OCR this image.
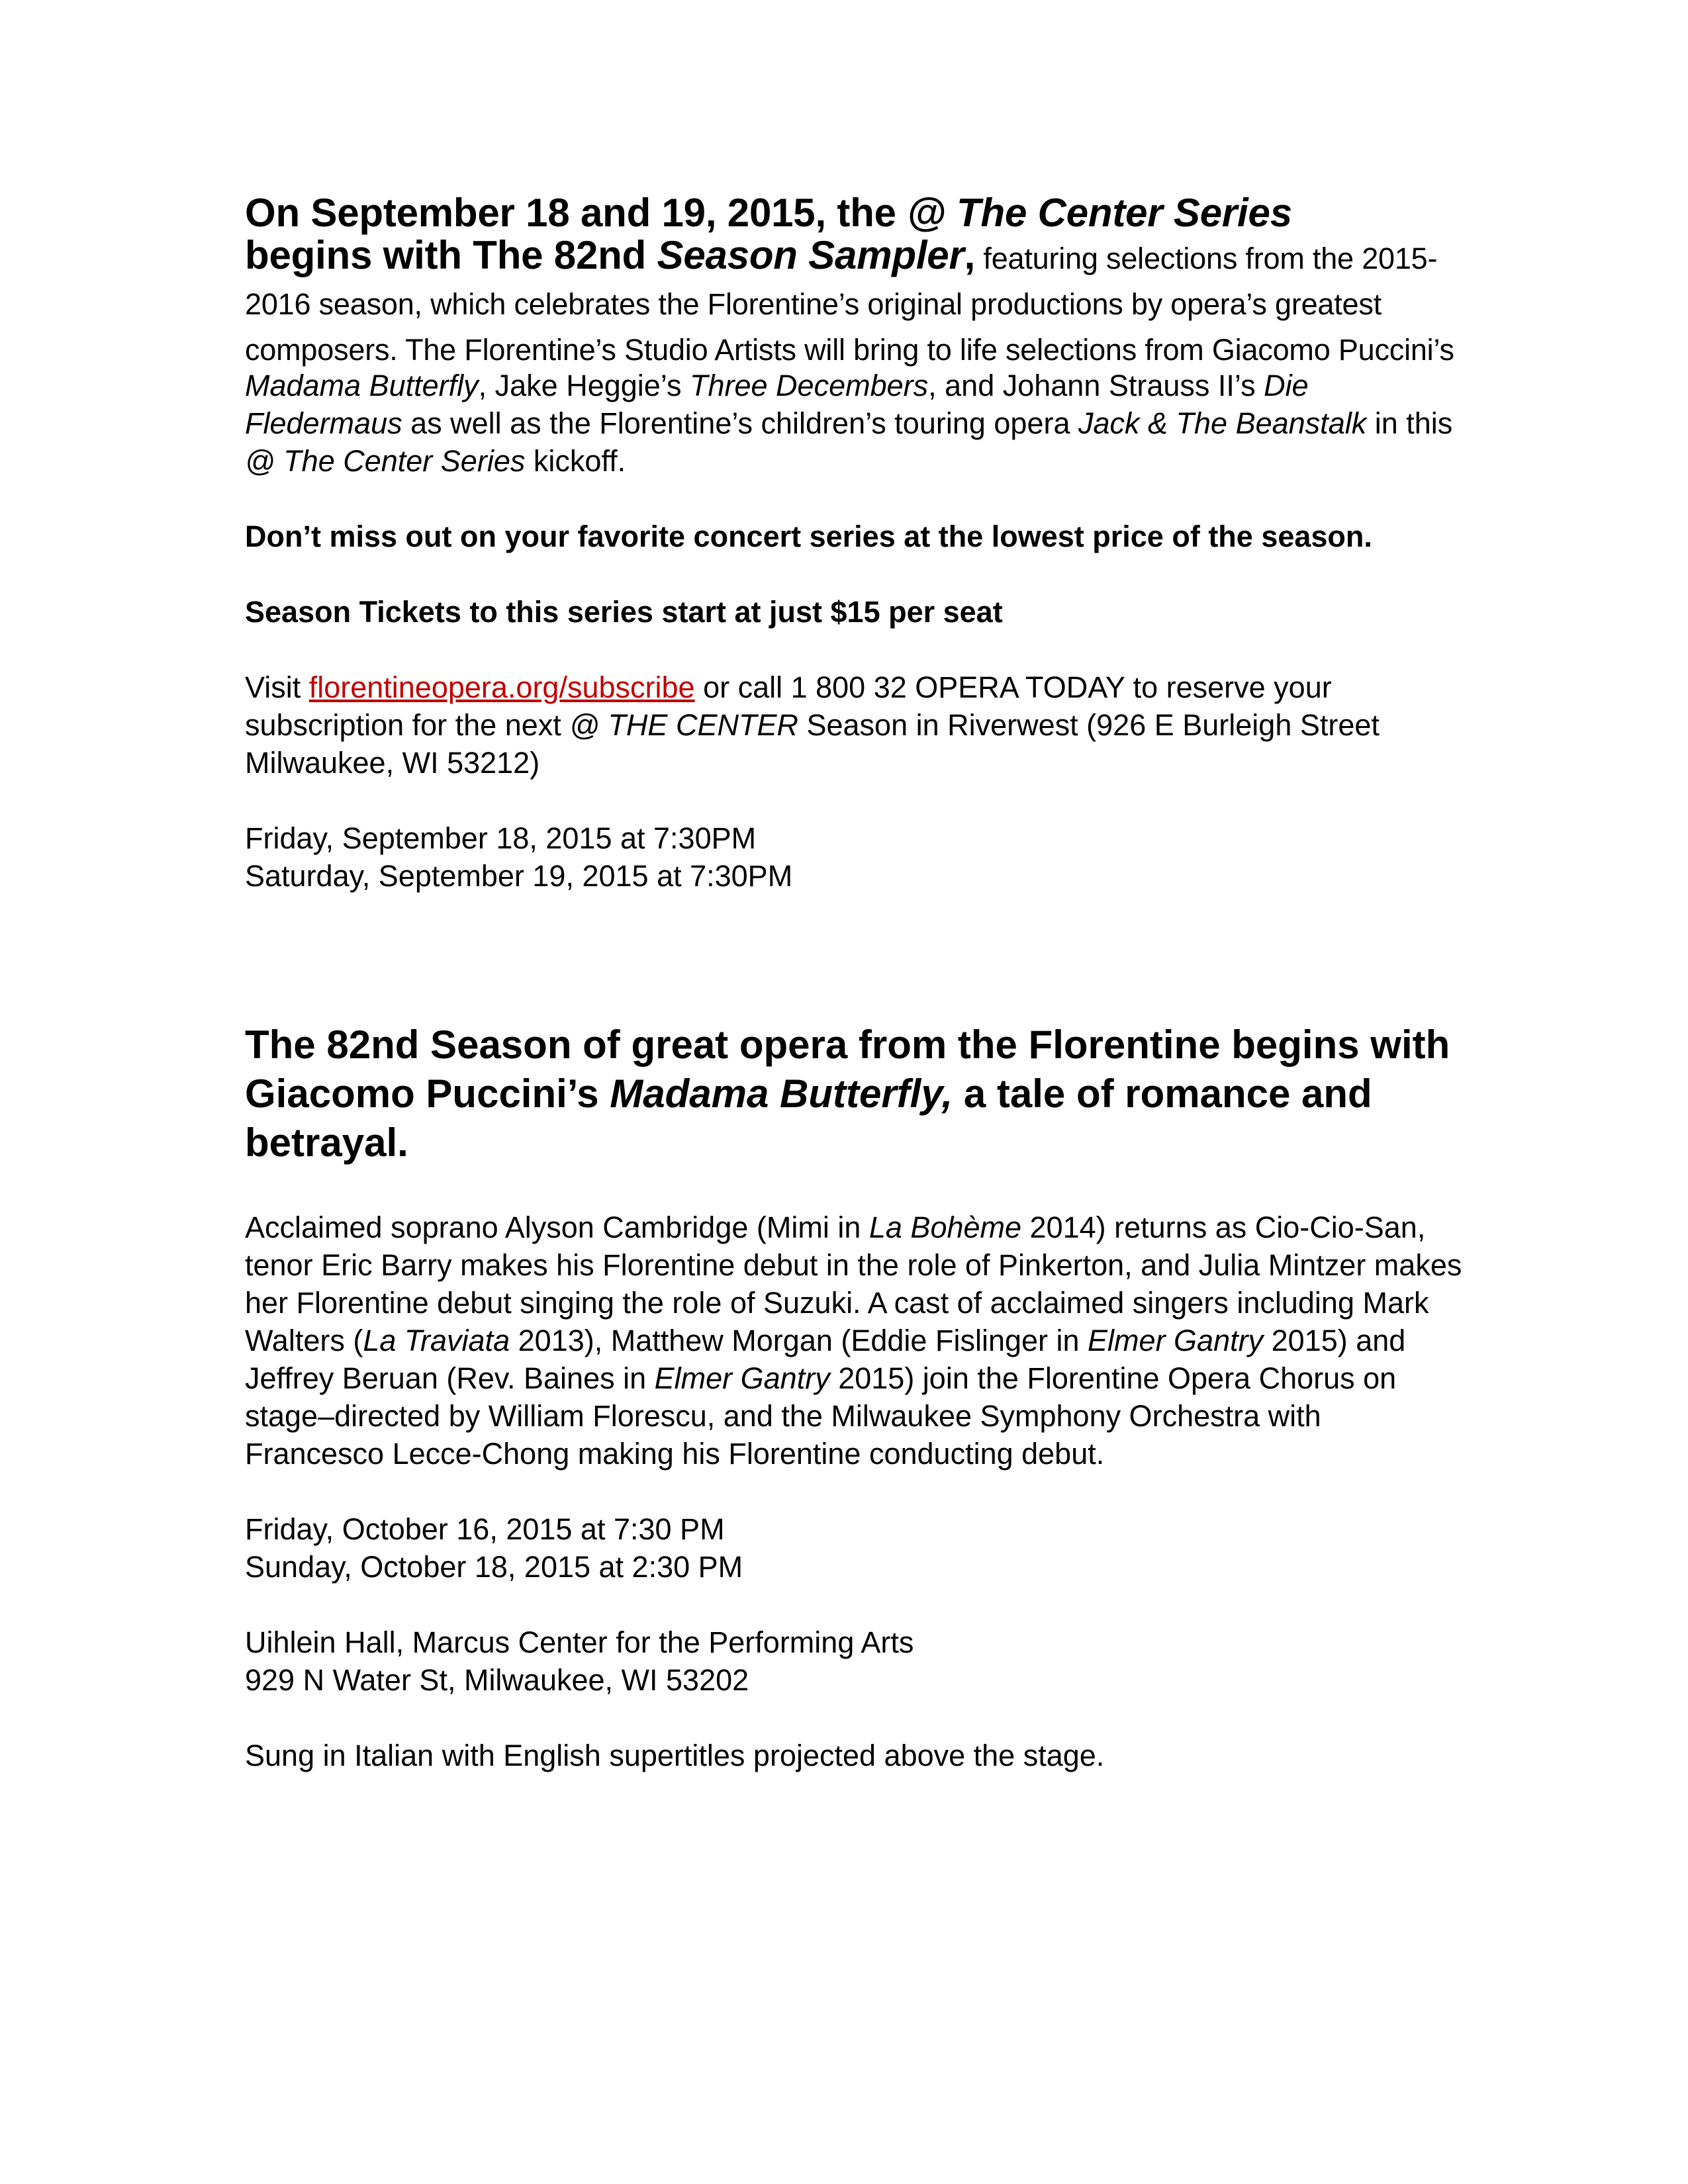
On September 18 and 19, 2015, the @ The Center Series
begins with The 82nd Season Sampler, featuring selections from the 2015-2016 season, which celebrates the Florentine’s original productions by opera’s greatest composers. The Florentine’s Studio Artists will bring to life selections from Giacomo Puccini’s
Madama Butterfly, Jake Heggie’s Three Decembers, and Johann Strauss II’s Die Fledermaus as well as the Florentine’s children’s touring opera Jack & The Beanstalk in this @ The Center Series kickoff.
Don’t miss out on your favorite concert series at the lowest price of the season.
Season Tickets to this series start at just $15 per seat
Visit florentineopera.org/subscribe or call 1 800 32 OPERA TODAY to reserve your subscription for the next @ THE CENTER Season in Riverwest (926 E Burleigh Street
Milwaukee, WI 53212)
Friday, September 18, 2015 at 7:30PM
Saturday, September 19, 2015 at 7:30PM
The 82nd Season of great opera from the Florentine begins with Giacomo Puccini’s Madama Butterfly, a tale of romance and betrayal.
Acclaimed soprano Alyson Cambridge (Mimi in La Bohème 2014) returns as Cio-Cio-San, tenor Eric Barry makes his Florentine debut in the role of Pinkerton, and Julia Mintzer makes her Florentine debut singing the role of Suzuki. A cast of acclaimed singers including Mark Walters (La Traviata 2013), Matthew Morgan (Eddie Fislinger in Elmer Gantry 2015) and Jeffrey Beruan (Rev. Baines in Elmer Gantry 2015) join the Florentine Opera Chorus on stage–directed by William Florescu, and the Milwaukee Symphony Orchestra with Francesco Lecce-Chong making his Florentine conducting debut.
Friday, October 16, 2015 at 7:30 PM
Sunday, October 18, 2015 at 2:30 PM
Uihlein Hall, Marcus Center for the Performing Arts
929 N Water St, Milwaukee, WI 53202
Sung in Italian with English supertitles projected above the stage.
